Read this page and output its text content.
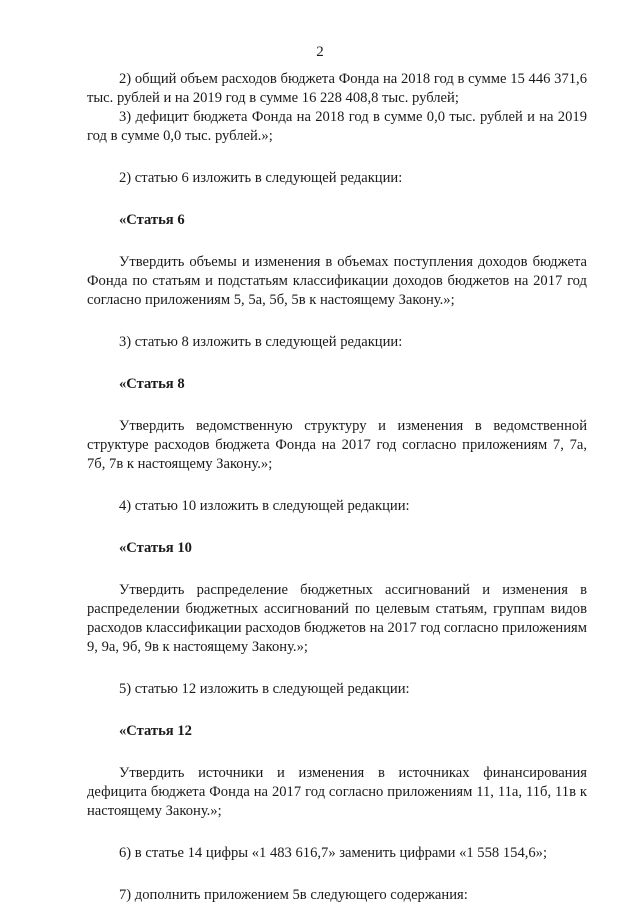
2

2) общий объем расходов бюджета Фонда на 2018 год в сумме 15 446 371,6 тыс. рублей и на 2019 год в сумме 16 228 408,8 тыс. рублей;

3) дефицит бюджета Фонда на 2018 год в сумме 0,0 тыс. рублей и на 2019 год в сумме 0,0 тыс. рублей.»;

2) статью 6 изложить в следующей редакции:

«Статья 6

Утвердить объемы и изменения в объемах поступления доходов бюджета Фонда по статьям и подстатьям классификации доходов бюджетов на 2017 год согласно приложениям 5, 5а, 5б, 5в к настоящему Закону.»;

3) статью 8 изложить в следующей редакции:

«Статья 8

Утвердить ведомственную структуру и изменения в ведомственной структуре расходов бюджета Фонда на 2017 год согласно приложениям 7, 7а, 7б, 7в к настоящему Закону.»;

4) статью 10 изложить в следующей редакции:

«Статья 10

Утвердить распределение бюджетных ассигнований и изменения в распределении бюджетных ассигнований по целевым статьям, группам видов расходов классификации расходов бюджетов на 2017 год согласно приложениям 9, 9а, 9б, 9в к настоящему Закону.»;

5) статью 12 изложить в следующей редакции:

«Статья 12

Утвердить источники и изменения в источниках финансирования дефицита бюджета Фонда на 2017 год согласно приложениям 11, 11а, 11б, 11в к настоящему Закону.»;

6) в статье 14 цифры «1 483 616,7» заменить цифрами «1 558 154,6»;

7) дополнить приложением 5в следующего содержания:
